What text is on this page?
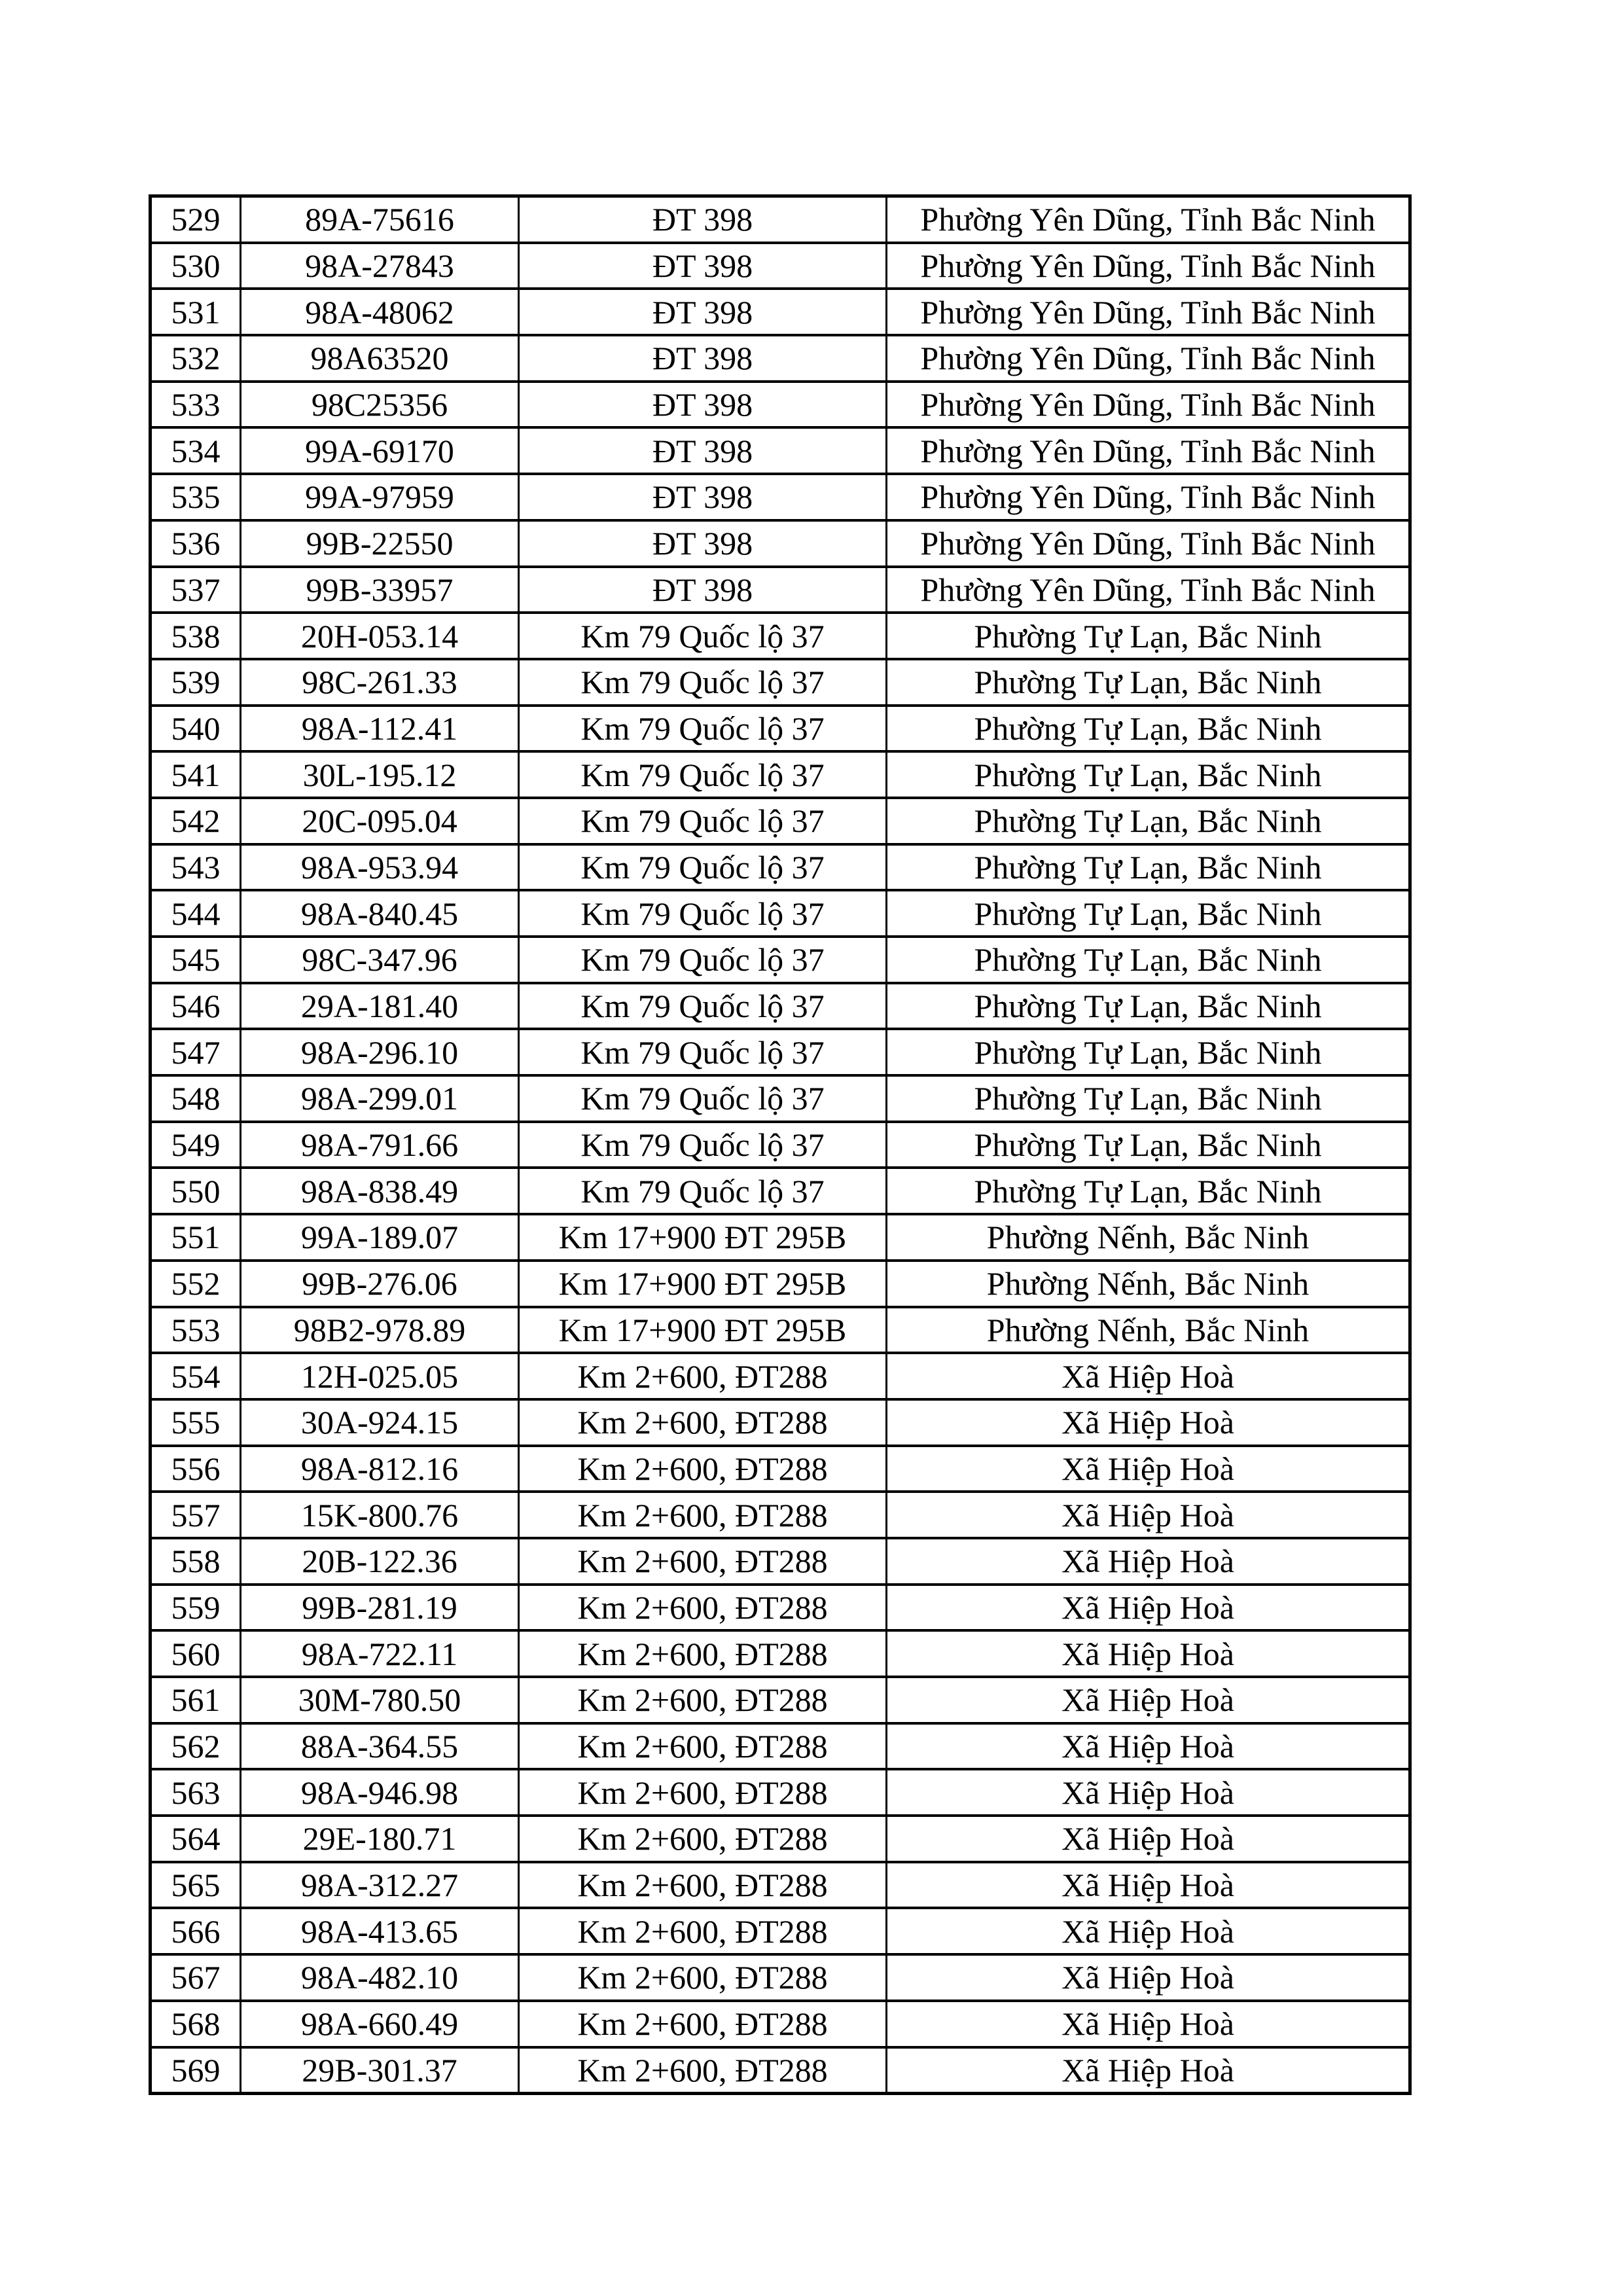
529	89A-75616	ĐT 398	Phường Yên Dũng, Tỉnh Bắc Ninh
530	98A-27843	ĐT 398	Phường Yên Dũng, Tỉnh Bắc Ninh
531	98A-48062	ĐT 398	Phường Yên Dũng, Tỉnh Bắc Ninh
532	98A63520	ĐT 398	Phường Yên Dũng, Tỉnh Bắc Ninh
533	98C25356	ĐT 398	Phường Yên Dũng, Tỉnh Bắc Ninh
534	99A-69170	ĐT 398	Phường Yên Dũng, Tỉnh Bắc Ninh
535	99A-97959	ĐT 398	Phường Yên Dũng, Tỉnh Bắc Ninh
536	99B-22550	ĐT 398	Phường Yên Dũng, Tỉnh Bắc Ninh
537	99B-33957	ĐT 398	Phường Yên Dũng, Tỉnh Bắc Ninh
538	20H-053.14	Km 79 Quốc lộ 37	Phường Tự Lạn, Bắc Ninh
539	98C-261.33	Km 79 Quốc lộ 37	Phường Tự Lạn, Bắc Ninh
540	98A-112.41	Km 79 Quốc lộ 37	Phường Tự Lạn, Bắc Ninh
541	30L-195.12	Km 79 Quốc lộ 37	Phường Tự Lạn, Bắc Ninh
542	20C-095.04	Km 79 Quốc lộ 37	Phường Tự Lạn, Bắc Ninh
543	98A-953.94	Km 79 Quốc lộ 37	Phường Tự Lạn, Bắc Ninh
544	98A-840.45	Km 79 Quốc lộ 37	Phường Tự Lạn, Bắc Ninh
545	98C-347.96	Km 79 Quốc lộ 37	Phường Tự Lạn, Bắc Ninh
546	29A-181.40	Km 79 Quốc lộ 37	Phường Tự Lạn, Bắc Ninh
547	98A-296.10	Km 79 Quốc lộ 37	Phường Tự Lạn, Bắc Ninh
548	98A-299.01	Km 79 Quốc lộ 37	Phường Tự Lạn, Bắc Ninh
549	98A-791.66	Km 79 Quốc lộ 37	Phường Tự Lạn, Bắc Ninh
550	98A-838.49	Km 79 Quốc lộ 37	Phường Tự Lạn, Bắc Ninh
551	99A-189.07	Km 17+900 ĐT 295B	Phường Nếnh, Bắc Ninh
552	99B-276.06	Km 17+900 ĐT 295B	Phường Nếnh, Bắc Ninh
553	98B2-978.89	Km 17+900 ĐT 295B	Phường Nếnh, Bắc Ninh
554	12H-025.05	Km 2+600, ĐT288	Xã Hiệp Hoà
555	30A-924.15	Km 2+600, ĐT288	Xã Hiệp Hoà
556	98A-812.16	Km 2+600, ĐT288	Xã Hiệp Hoà
557	15K-800.76	Km 2+600, ĐT288	Xã Hiệp Hoà
558	20B-122.36	Km 2+600, ĐT288	Xã Hiệp Hoà
559	99B-281.19	Km 2+600, ĐT288	Xã Hiệp Hoà
560	98A-722.11	Km 2+600, ĐT288	Xã Hiệp Hoà
561	30M-780.50	Km 2+600, ĐT288	Xã Hiệp Hoà
562	88A-364.55	Km 2+600, ĐT288	Xã Hiệp Hoà
563	98A-946.98	Km 2+600, ĐT288	Xã Hiệp Hoà
564	29E-180.71	Km 2+600, ĐT288	Xã Hiệp Hoà
565	98A-312.27	Km 2+600, ĐT288	Xã Hiệp Hoà
566	98A-413.65	Km 2+600, ĐT288	Xã Hiệp Hoà
567	98A-482.10	Km 2+600, ĐT288	Xã Hiệp Hoà
568	98A-660.49	Km 2+600, ĐT288	Xã Hiệp Hoà
569	29B-301.37	Km 2+600, ĐT288	Xã Hiệp Hoà
